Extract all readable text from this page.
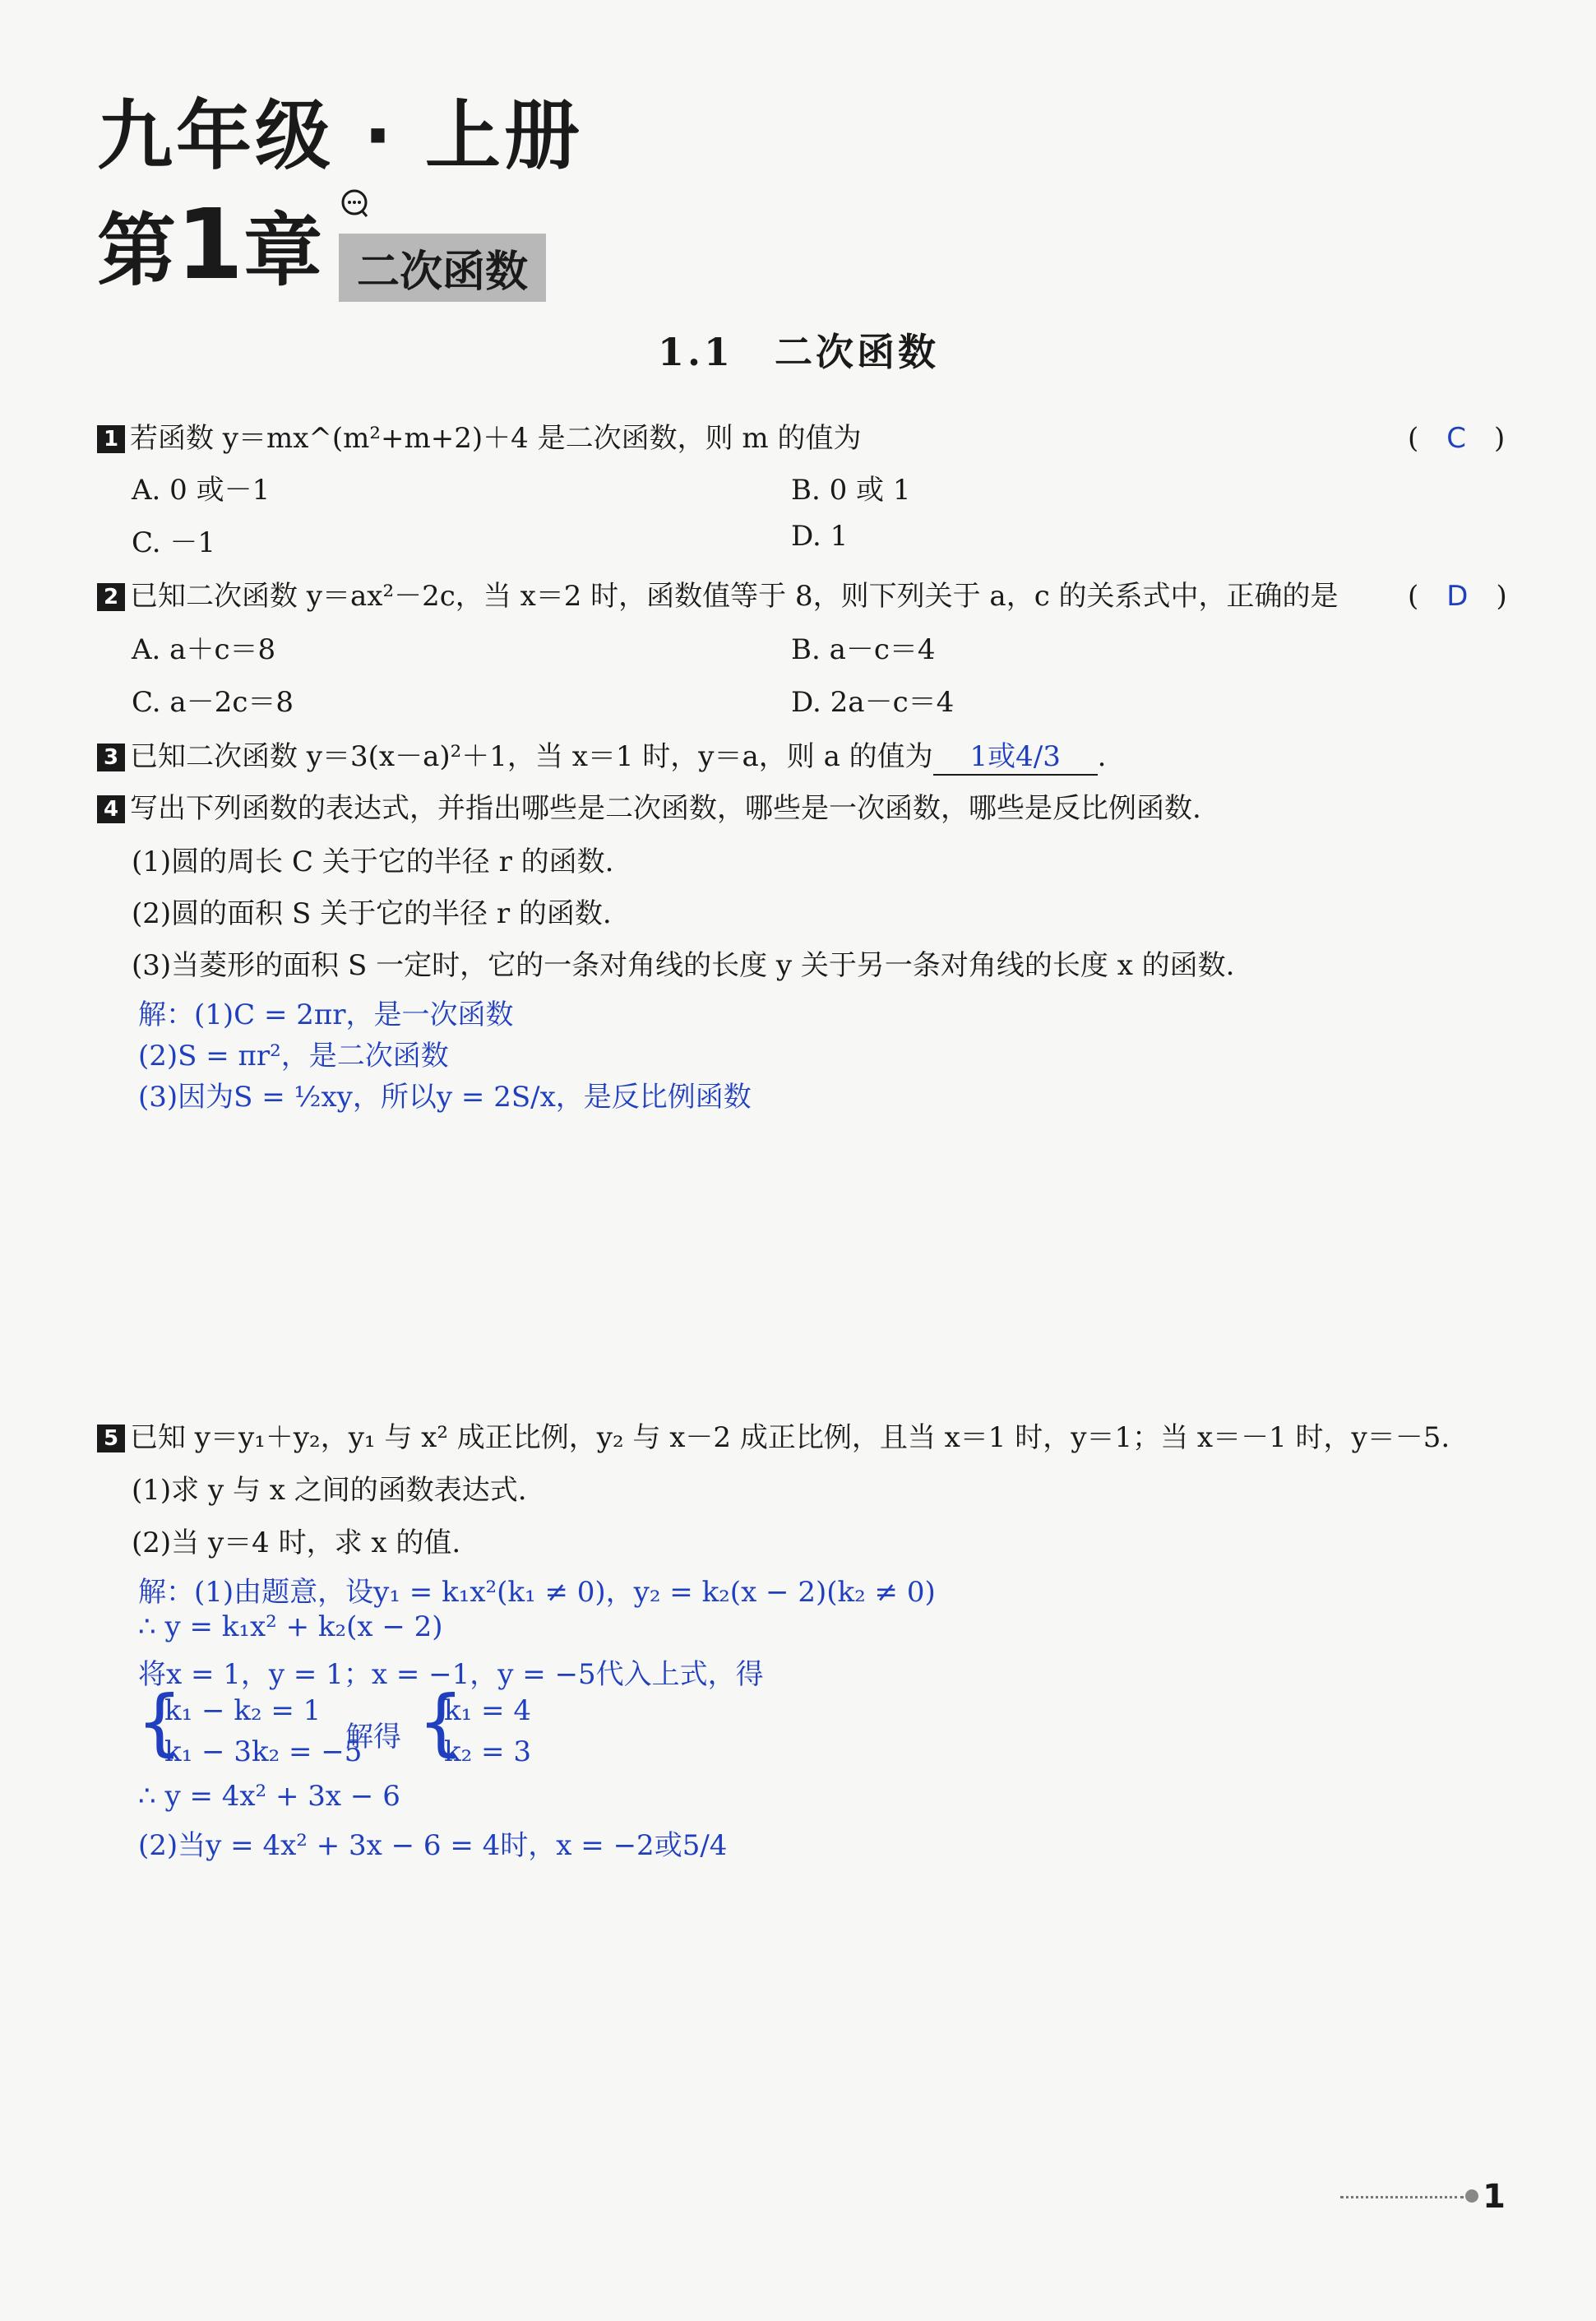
九年级 · 上册
第1章 二次函数
1.1　二次函数
1 若函数 y＝mx^(m²+m+2)＋4 是二次函数，则 m 的值为	(　C　)
A. 0 或－1	B. 0 或 1
C. －1	D. 1
2 已知二次函数 y＝ax²－2c，当 x＝2 时，函数值等于 8，则下列关于 a，c 的关系式中，正确的是 (　D　)
A. a＋c＝8	B. a－c＝4
C. a－2c＝8	D. 2a－c＝4
3 已知二次函数 y＝3(x－a)²＋1，当 x＝1 时，y＝a，则 a 的值为 1或4/3 .
4 写出下列函数的表达式，并指出哪些是二次函数，哪些是一次函数，哪些是反比例函数.
(1)圆的周长 C 关于它的半径 r 的函数.
(2)圆的面积 S 关于它的半径 r 的函数.
(3)当菱形的面积 S 一定时，它的一条对角线的长度 y 关于另一条对角线的长度 x 的函数.
解：(1)C = 2πr，是一次函数
(2)S = πr²，是二次函数
(3)因为S = ½xy，所以y = 2S/x，是反比例函数
5 已知 y＝y₁＋y₂，y₁ 与 x² 成正比例，y₂ 与 x－2 成正比例，且当 x＝1 时，y＝1；当 x＝－1 时，y＝－5.
(1)求 y 与 x 之间的函数表达式.
(2)当 y＝4 时，求 x 的值.
解：(1)由题意，设y₁ = k₁x²(k₁ ≠ 0)，y₂ = k₂(x − 2)(k₂ ≠ 0)
∴ y = k₁x² + k₂(x − 2)
将x = 1，y = 1；x = −1，y = −5代入上式，得
{
k₁ − k₂ = 1
k₁ − 3k₂ = −5
解得 {
k₁ = 4
k₂ = 3
∴ y = 4x² + 3x − 6
(2)当y = 4x² + 3x − 6 = 4时，x = −2或5/4
1
